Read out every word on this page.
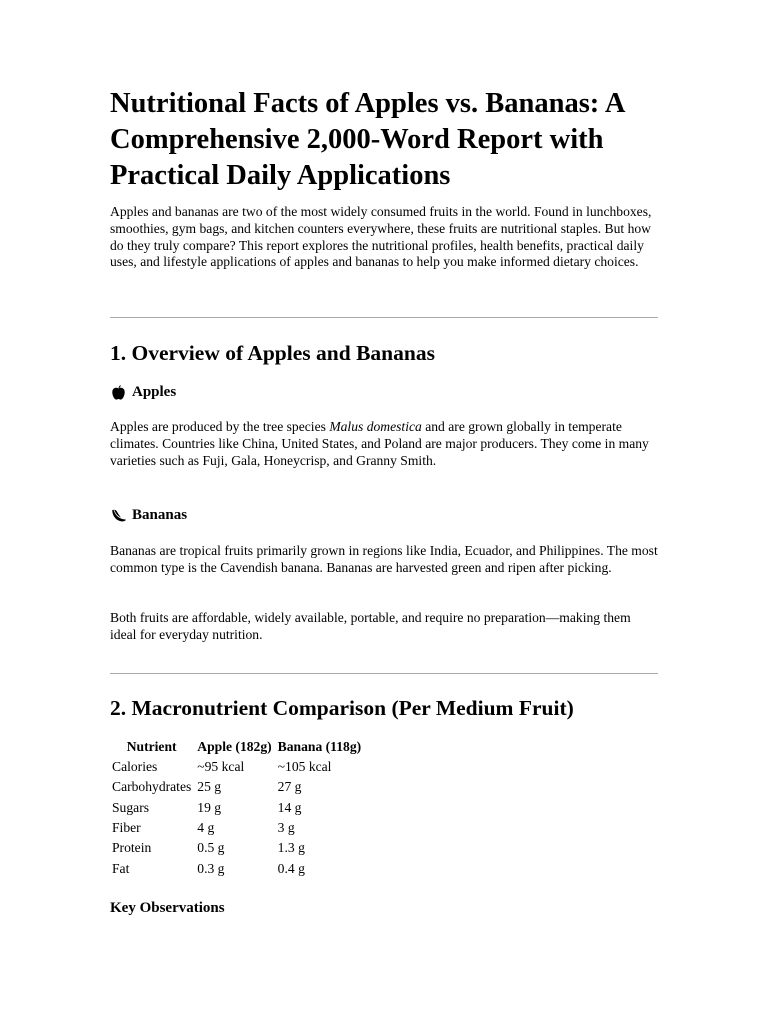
Nutritional Facts of Apples vs. Bananas: A Comprehensive 2,000-Word Report with Practical Daily Applications

Apples and bananas are two of the most widely consumed fruits in the world. Found in lunchboxes, smoothies, gym bags, and kitchen counters everywhere, these fruits are nutritional staples. But how do they truly compare? This report explores the nutritional profiles, health benefits, practical daily uses, and lifestyle applications of apples and bananas to help you make informed dietary choices.

1. Overview of Apples and Bananas
Apples

Apples are produced by the tree species Malus domestica and are grown globally in temperate climates. Countries like China, United States, and Poland are major producers. They come in many varieties such as Fuji, Gala, Honeycrisp, and Granny Smith.

Bananas

Bananas are tropical fruits primarily grown in regions like India, Ecuador, and Philippines. The most common type is the Cavendish banana. Bananas are harvested green and ripen after picking.

Both fruits are affordable, widely available, portable, and require no preparation—making them ideal for everyday nutrition.

2. Macronutrient Comparison (Per Medium Fruit)
Nutrient	Apple (182g)	Banana (118g)
Calories	~95 kcal	~105 kcal
Carbohydrates	25 g	27 g
Sugars	19 g	14 g
Fiber	4 g	3 g
Protein	0.5 g	1.3 g
Fat	0.3 g	0.4 g
Key Observations
